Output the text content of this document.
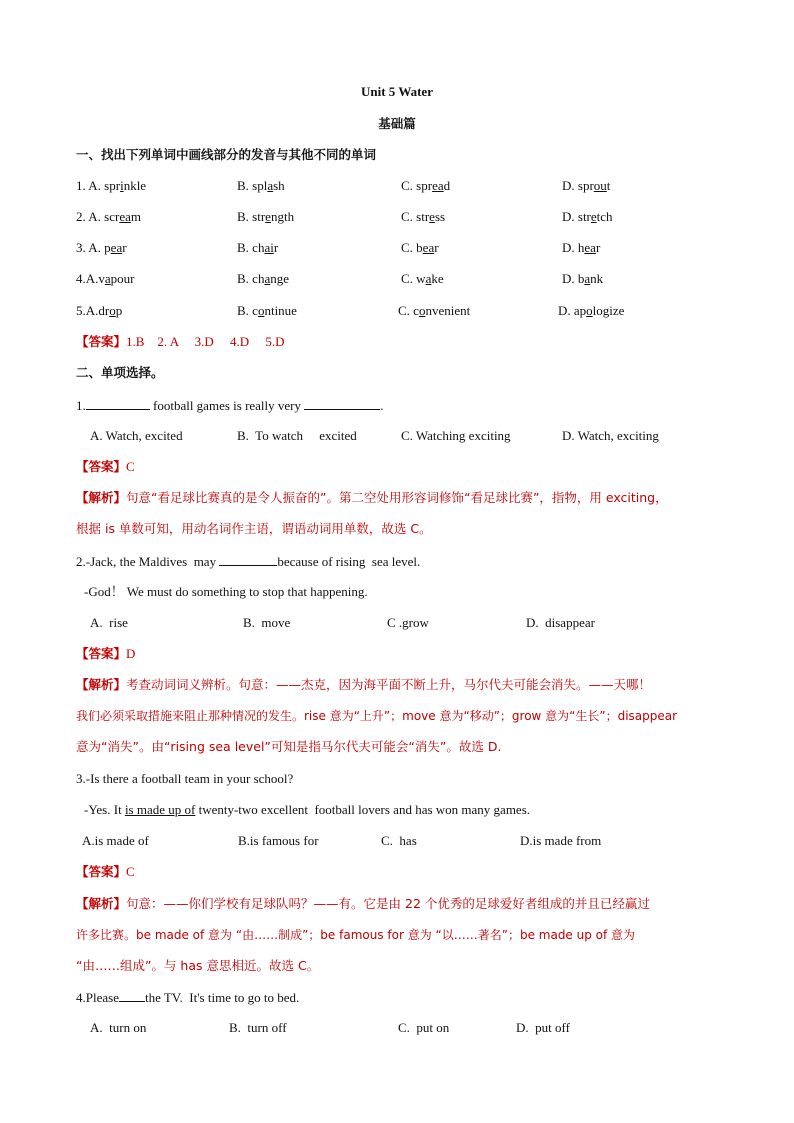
Unit 5 Water
基础篇
一、找出下列单词中画线部分的发音与其他不同的单词
1. A. sprinkle	B. splash	C. spread	D. sprout
2. A. scream	B. strength	C. stress	D. stretch
3. A. pear	B. chair	C. bear	D. hear
4.A.vapour	B. change	C. wake	D. bank
5.A.drop	B. continue	C. convenient	D. apologize
【答案】1.B    2. A     3.D     4.D     5.D
二、单项选择。
1.	football games is really very	.
A. Watch, excited	B.  To watch     excited	C. Watching exciting	D. Watch, exciting
【答案】C
【解析】句意“看足球比赛真的是令人振奋的”。第二空处用形容词修饰“看足球比赛”，指物，用 exciting，
根据 is 单数可知，用动名词作主语，谓语动词用单数，故选 C。
2.-Jack, the Maldives  may	because of rising  sea level.
-God！ We must do something to stop that happening.
A.  rise	B.  move	C .grow	D.  disappear
【答案】D
【解析】考查动词词义辨析。句意：——杰克，因为海平面不断上升，马尔代夫可能会消失。——天哪！
我们必须采取措施来阻止那种情况的发生。rise 意为“上升”；move 意为“移动”；grow 意为“生长”；disappear
意为“消失”。由“rising sea level”可知是指马尔代夫可能会“消失”。故选 D.
3.-Is there a football team in your school?
-Yes. It is made up of twenty-two excellent  football lovers and has won many games.
A.is made of	B.is famous for	C.  has	D.is made from
【答案】C
【解析】句意：——你们学校有足球队吗？——有。它是由 22 个优秀的足球爱好者组成的并且已经赢过
许多比赛。be made of 意为 “由……制成”；be famous for 意为 “以……著名”；be made up of 意为
“由……组成”。与 has 意思相近。故选 C。
4.Please the TV.  It's time to go to bed.
A.  turn on	B.  turn off	C.  put on	D.  put off
